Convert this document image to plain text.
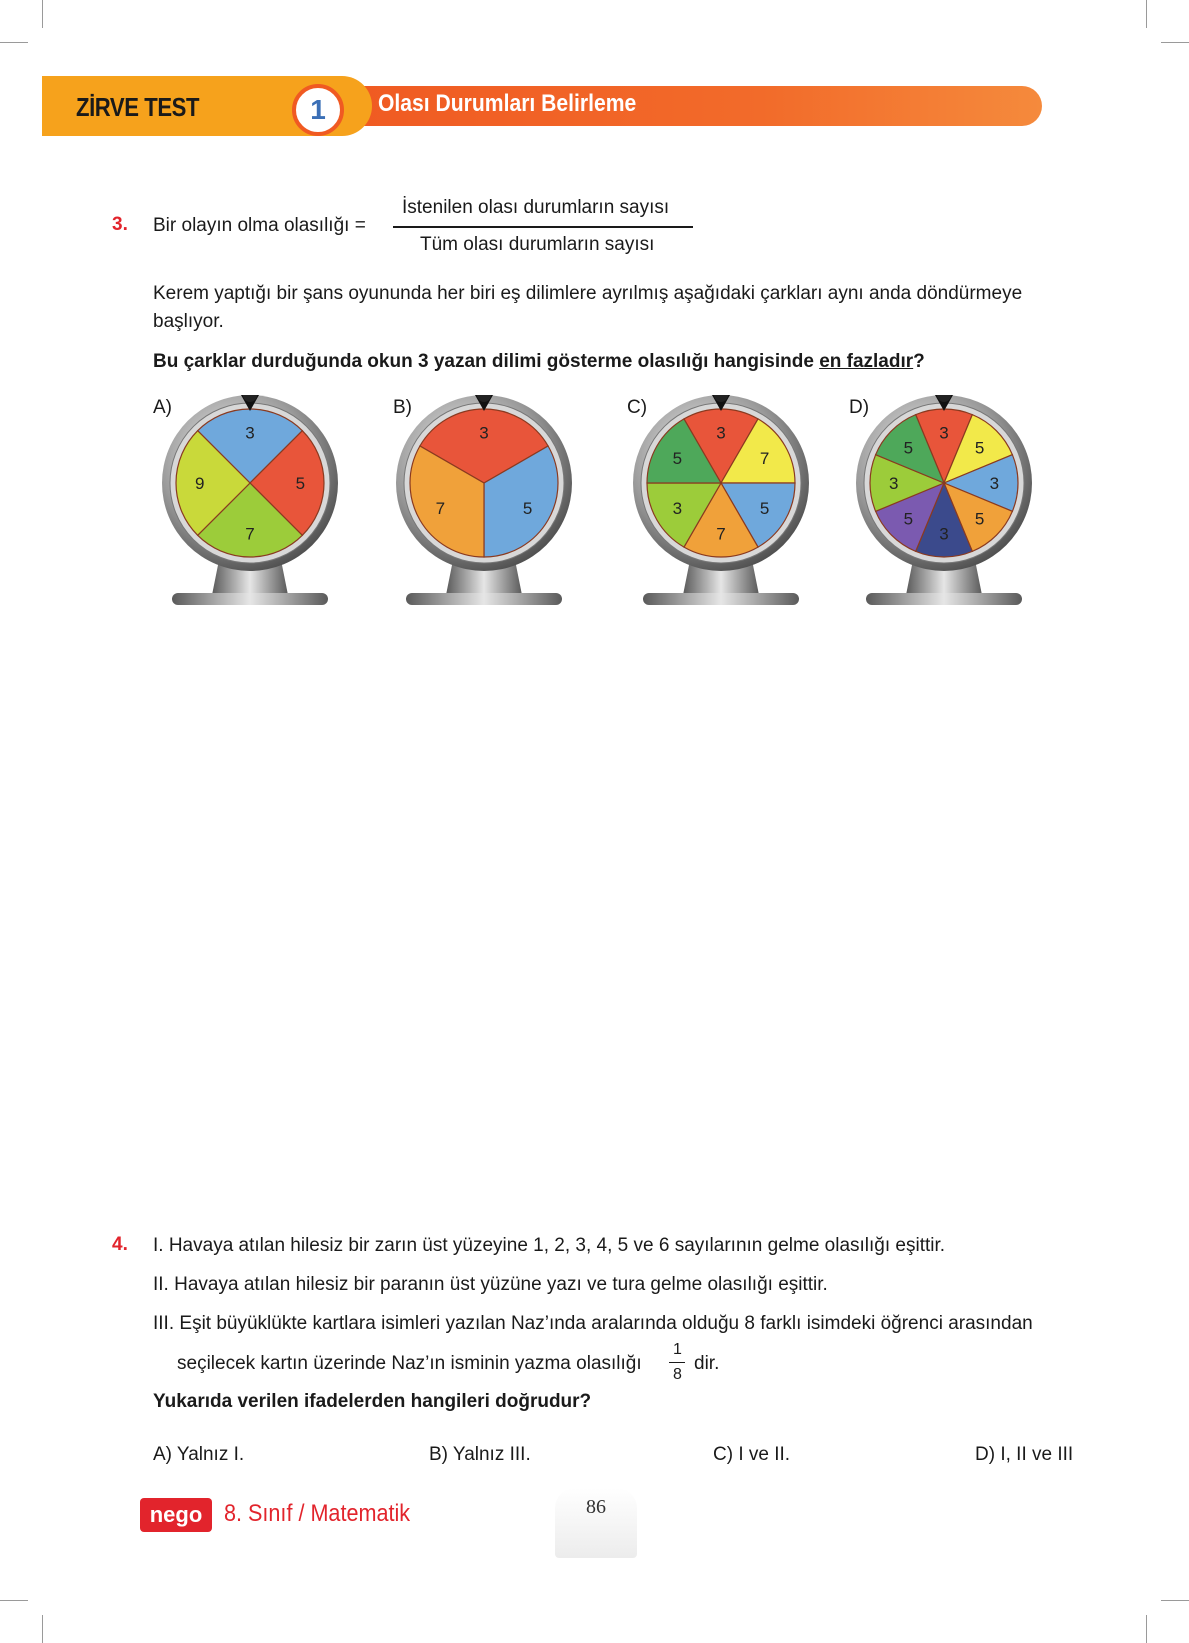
ZİRVE TEST	1	Olası Durumları Belirleme
3. Bir olayın olma olasılığı =
İstenilen olası durumların sayısı
Tüm olası durumların sayısı
Kerem yaptığı bir şans oyununda her biri eş dilimlere ayrılmış aşağıdaki çarkları aynı anda döndürmeye başlıyor.
Bu çarklar durduğunda okun 3 yazan dilimi gösterme olasılığı hangisinde en fazladır?
A)	B)	C)	D)
3
5
7
9
3
5
7
3
7
5
7
3
5
3
5
3
5
3
5
3
5
4. I. Havaya atılan hilesiz bir zarın üst yüzeyine 1, 2, 3, 4, 5 ve 6 sayılarının gelme olasılığı eşittir.
II. Havaya atılan hilesiz bir paranın üst yüzüne yazı ve tura gelme olasılığı eşittir.
III. Eşit büyüklükte kartlara isimleri yazılan Naz’ında aralarında olduğu 8 farklı isimdeki öğrenci arasından
seçilecek kartın üzerinde Naz’ın isminin yazma olasılığı
1
8
dir.
Yukarıda verilen ifadelerden hangileri doğrudur?
A) Yalnız I.	B) Yalnız III.	C) I ve II.	D) I, II ve III
nego 8. Sınıf / Matematik	86
